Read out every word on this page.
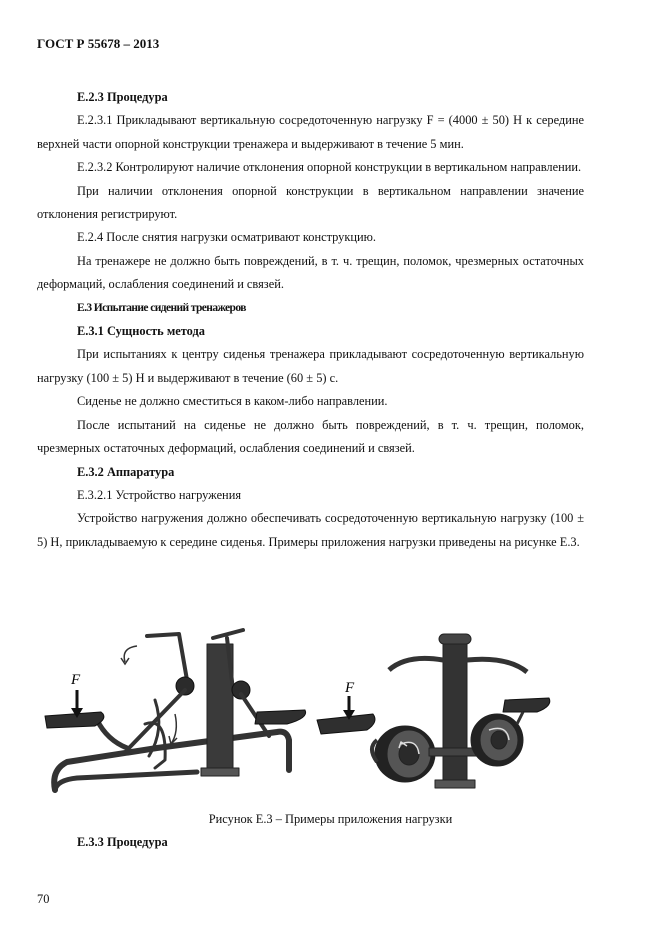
ГОСТ Р 55678 – 2013

Е.2.3 Процедура

Е.2.3.1 Прикладывают вертикальную сосредоточенную нагрузку F = (4000 ± 50) Н к середине верхней части опорной конструкции тренажера и выдерживают в течение 5 мин.

Е.2.3.2 Контролируют наличие отклонения опорной конструкции в вертикальном направлении.

При наличии отклонения опорной конструкции в вертикальном направлении значение отклонения регистрируют.

Е.2.4 После снятия нагрузки осматривают конструкцию.

На тренажере не должно быть повреждений, в т. ч. трещин, поломок, чрезмерных остаточных деформаций, ослабления соединений и связей.

Е.3 Испытание сидений тренажеров

Е.3.1 Сущность метода

При испытаниях к центру сиденья тренажера прикладывают сосредоточенную вертикальную нагрузку (100 ± 5) Н и выдерживают в течение (60 ± 5) с.

Сиденье не должно сместиться в каком-либо направлении.

После испытаний на сиденье не должно быть повреждений, в т. ч. трещин, поломок, чрезмерных остаточных деформаций, ослабления соединений и связей.

Е.3.2 Аппаратура

Е.3.2.1 Устройство нагружения

Устройство нагружения должно обеспечивать сосредоточенную вертикальную нагрузку (100 ± 5) Н, прикладываемую к середине сиденья. Примеры приложения нагрузки приведены на рисунке Е.3.

F	F
Рисунок Е.3 – Примеры приложения нагрузки
Е.3.3 Процедура
70
